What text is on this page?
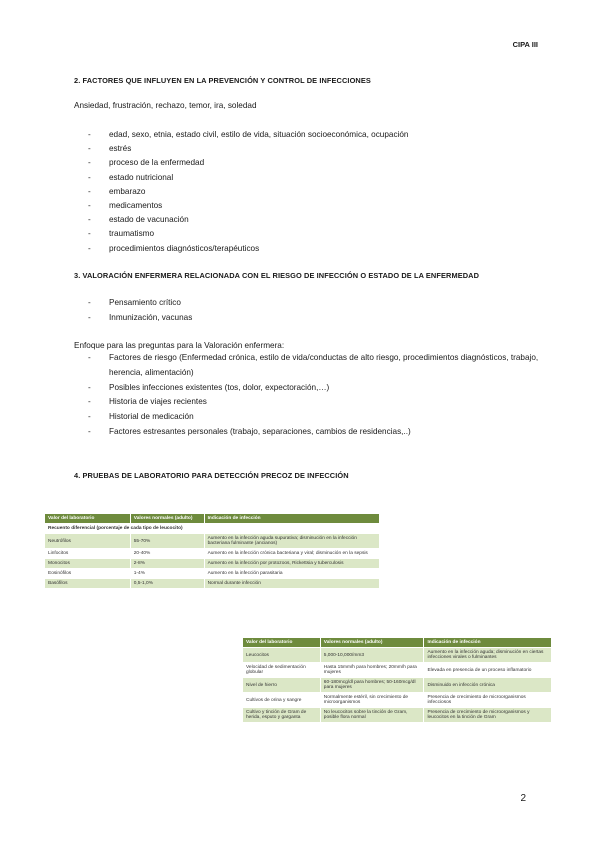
CIPA III
2. FACTORES QUE INFLUYEN EN LA PREVENCIÓN Y CONTROL DE INFECCIONES
Ansiedad, frustración, rechazo, temor, ira, soledad
- edad, sexo, etnia, estado civil, estilo de vida, situación socioeconómica, ocupación
- estrés
- proceso de la enfermedad
- estado nutricional
- embarazo
- medicamentos
- estado de vacunación
- traumatismo
- procedimientos diagnósticos/terapéuticos
3. VALORACIÓN ENFERMERA RELACIONADA CON EL RIESGO DE INFECCIÓN O ESTADO DE LA ENFERMEDAD
- Pensamiento crítico
- Inmunización, vacunas
Enfoque para las preguntas para la Valoración enfermera:
- Factores de riesgo (Enfermedad crónica, estilo de vida/conductas de alto riesgo, procedimientos diagnósticos, trabajo, herencia, alimentación)
- Posibles infecciones existentes (tos, dolor, expectoración,…)
- Historia de viajes recientes
- Historial de medicación
- Factores estresantes personales (trabajo, separaciones, cambios de residencias,..)
4. PRUEBAS DE LABORATORIO PARA DETECCIÓN PRECOZ DE INFECCIÓN
Valor del laboratorio	Valores normales (adulto)	Indicación de infección
Recuento diferencial (porcentaje de cada tipo de leucocito)		
Neutrófilos	55-70%	Aumento en la infección aguda supurativa; disminución en la infección bacteriana fulminante (ancianos)
Linfocitos	20-40%	Aumento en la infección crónica bacteriana y viral; disminución en la sepsis
Monocitos	2-8%	Aumento en la infección por protozoos, Rickettsia y tuberculosis
Eosinófilos	1-4%	Aumento en la infección parasitaria
Basófilos	0,5-1,0%	Normal durante infección
Valor del laboratorio	Valores normales (adulto)	Indicación de infección
Leucocitos	5,000-10,000/mm3	Aumento en la infección aguda; disminución en ciertas infecciones virales o fulminantes
Velocidad de sedimentación globular	Hasta 15mm/h para hombres; 20mm/h para mujeres	Elevada en presencia de un proceso inflamatorio
Nivel de hierro	60-180mcg/dl para hombres; 50-160mcg/dl para mujeres	Disminuido en infección crónica
Cultivos de orina y sangre	Normalmente estéril, sin crecimiento de microorganismos	Presencia de crecimiento de microorganismos infecciosos
Cultivo y tinción de Gram de herida, esputo y garganta	No leucocitos sobre la tinción de Gram, posible flora normal	Presencia de crecimiento de microorganismos y leucocitos en la tinción de Gram
2
